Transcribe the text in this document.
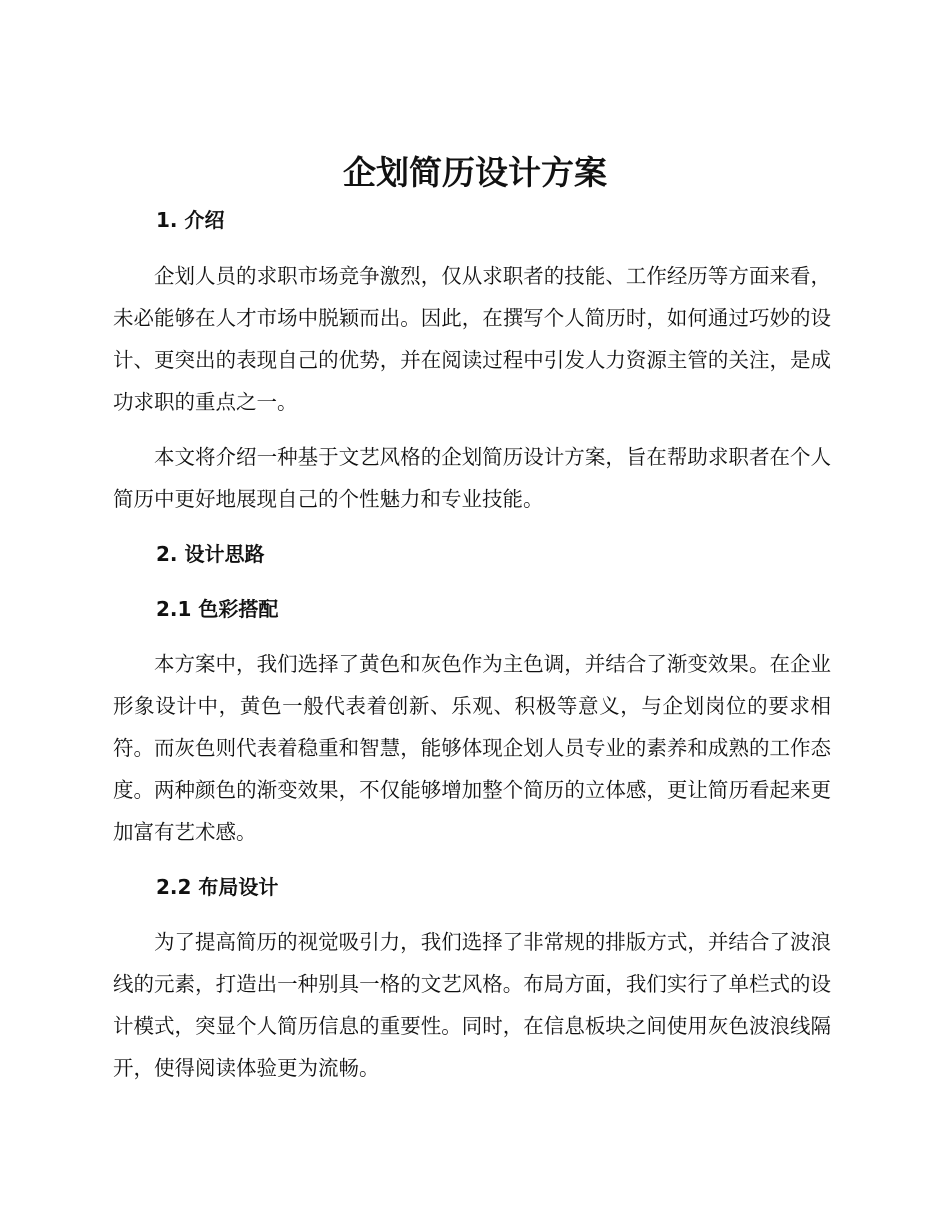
企划简历设计方案
1. 介绍

企划人员的求职市场竞争激烈，仅从求职者的技能、工作经历等方面来看，未必能够在人才市场中脱颖而出。因此，在撰写个人简历时，如何通过巧妙的设计、更突出的表现自己的优势，并在阅读过程中引发人力资源主管的关注，是成功求职的重点之一。

本文将介绍一种基于文艺风格的企划简历设计方案，旨在帮助求职者在个人简历中更好地展现自己的个性魅力和专业技能。

2. 设计思路
2.1 色彩搭配

本方案中，我们选择了黄色和灰色作为主色调，并结合了渐变效果。在企业形象设计中，黄色一般代表着创新、乐观、积极等意义，与企划岗位的要求相符。而灰色则代表着稳重和智慧，能够体现企划人员专业的素养和成熟的工作态度。两种颜色的渐变效果，不仅能够增加整个简历的立体感，更让简历看起来更加富有艺术感。

2.2 布局设计

为了提高简历的视觉吸引力，我们选择了非常规的排版方式，并结合了波浪线的元素，打造出一种别具一格的文艺风格。布局方面，我们实行了单栏式的设计模式，突显个人简历信息的重要性。同时，在信息板块之间使用灰色波浪线隔开，使得阅读体验更为流畅。
